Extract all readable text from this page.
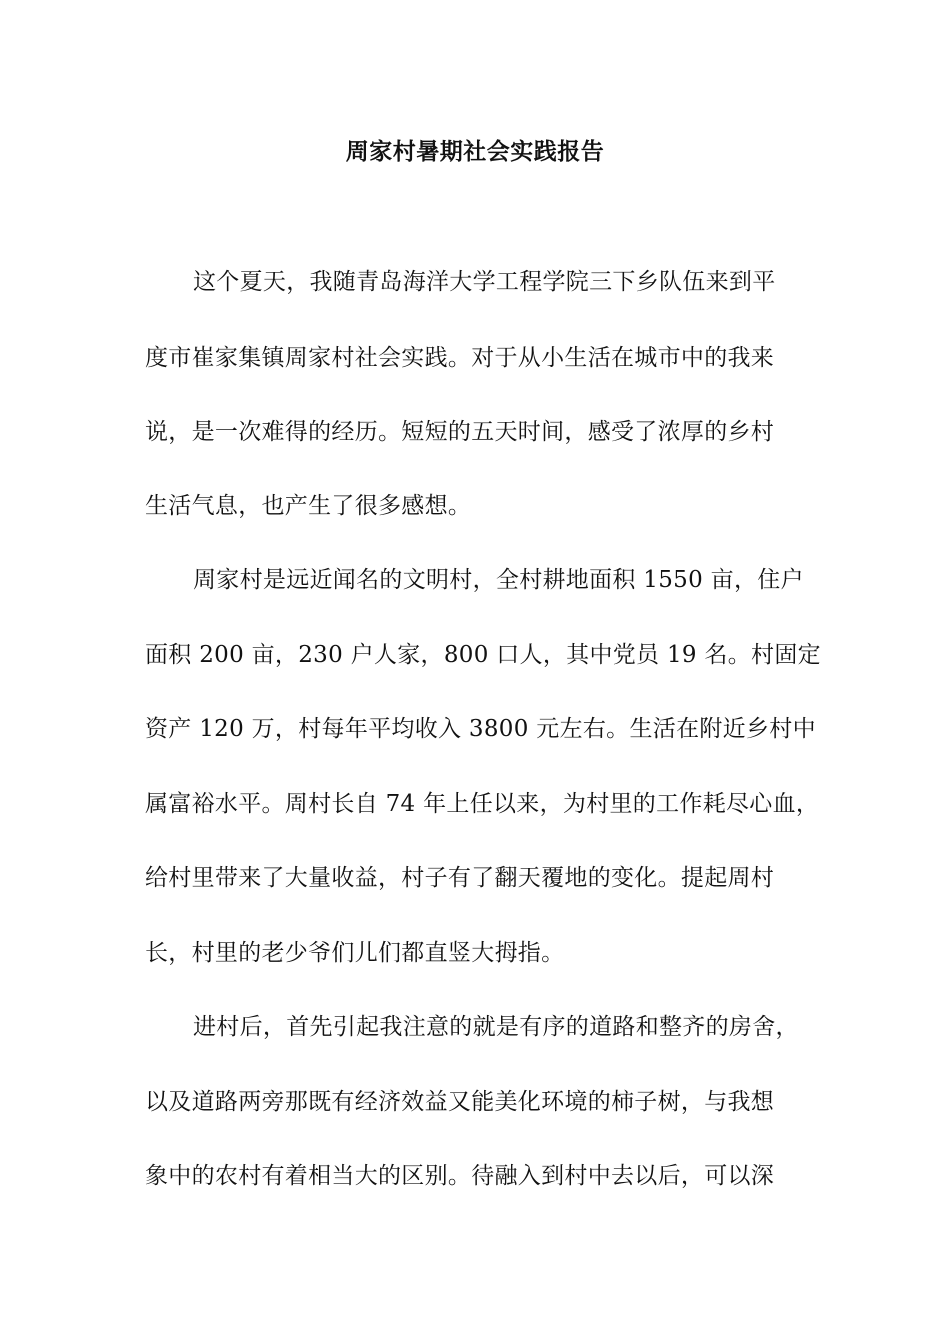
周家村暑期社会实践报告
这个夏天，我随青岛海洋大学工程学院三下乡队伍来到平
度市崔家集镇周家村社会实践。对于从小生活在城市中的我来
说，是一次难得的经历。短短的五天时间，感受了浓厚的乡村
生活气息，也产生了很多感想。
周家村是远近闻名的文明村，全村耕地面积 1550 亩，住户
面积 200 亩，230 户人家，800 口人，其中党员 19 名。村固定
资产 120 万，村每年平均收入 3800 元左右。生活在附近乡村中
属富裕水平。周村长自 74 年上任以来，为村里的工作耗尽心血，
给村里带来了大量收益，村子有了翻天覆地的变化。提起周村
长，村里的老少爷们儿们都直竖大拇指。
进村后，首先引起我注意的就是有序的道路和整齐的房舍，
以及道路两旁那既有经济效益又能美化环境的柿子树，与我想
象中的农村有着相当大的区别。待融入到村中去以后，可以深
